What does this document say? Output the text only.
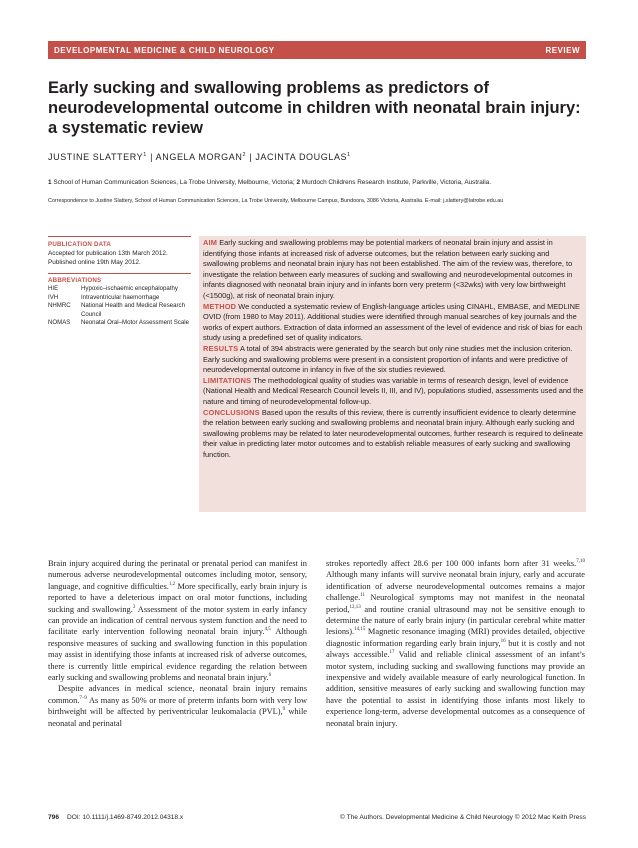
DEVELOPMENTAL MEDICINE & CHILD NEUROLOGY	REVIEW
Early sucking and swallowing problems as predictors of neurodevelopmental outcome in children with neonatal brain injury: a systematic review
JUSTINE SLATTERY$^1$ | ANGELA MORGAN$^2$ | JACINTA DOUGLAS$^1$
1 School of Human Communication Sciences, La Trobe University, Melbourne, Victoria; 2 Murdoch Childrens Research Institute, Parkville, Victoria, Australia.
Correspondence to Justine Slattery, School of Human Communication Sciences, La Trobe University, Melbourne Campus, Bundoora, 3086 Victoria, Australia. E-mail: j.slattery@latrobe.edu.au
PUBLICATION DATA
Accepted for publication 13th March 2012.
Published online 19th May 2012.
ABBREVIATIONS
HIE	Hypoxic–ischaemic encephalopathy
IVH	Intraventricular haemorrhage
NHMRC	National Health and Medical Research Council
NOMAS	Neonatal Oral–Motor Assessment Scale

AIM Early sucking and swallowing problems may be potential markers of neonatal brain injury and assist in identifying those infants at increased risk of adverse outcomes, but the relation between early sucking and swallowing problems and neonatal brain injury has not been established. The aim of the review was, therefore, to investigate the relation between early measures of sucking and swallowing and neurodevelopmental outcomes in infants diagnosed with neonatal brain injury and in infants born very preterm (<32wks) with very low birthweight (<1500g), at risk of neonatal brain injury.

METHOD We conducted a systematic review of English-language articles using CINAHL, EMBASE, and MEDLINE OVID (from 1980 to May 2011). Additional studies were identified through manual searches of key journals and the works of expert authors. Extraction of data informed an assessment of the level of evidence and risk of bias for each study using a predefined set of quality indicators.

RESULTS A total of 394 abstracts were generated by the search but only nine studies met the inclusion criterion. Early sucking and swallowing problems were present in a consistent proportion of infants and were predictive of neurodevelopmental outcome in infancy in five of the six studies reviewed.

LIMITATIONS The methodological quality of studies was variable in terms of research design, level of evidence (National Health and Medical Research Council levels II, III, and IV), populations studied, assessments used and the nature and timing of neurodevelopmental follow-up.

CONCLUSIONS Based upon the results of this review, there is currently insufficient evidence to clearly determine the relation between early sucking and swallowing problems and neonatal brain injury. Although early sucking and swallowing problems may be related to later neurodevelopmental outcomes, further research is required to delineate their value in predicting later motor outcomes and to establish reliable measures of early sucking and swallowing function.

Brain injury acquired during the perinatal or prenatal period can manifest in numerous adverse neurodevelopmental outcomes including motor, sensory, language, and cognitive difficulties.$^{1,2}$ More specifically, early brain injury is reported to have a deleterious impact on oral motor functions, including sucking and swallowing.$^3$ Assessment of the motor system in early infancy can provide an indication of central nervous system function and the need to facilitate early intervention following neonatal brain injury.$^{4,5}$ Although responsive measures of sucking and swallowing function in this population may assist in identifying those infants at increased risk of adverse outcomes, there is currently little empirical evidence regarding the relation between early sucking and swallowing problems and neonatal brain injury.$^6$

Despite advances in medical science, neonatal brain injury remains common.$^{7-9}$ As many as 50% or more of preterm infants born with very low birthweight will be affected by periventricular leukomalacia (PVL),$^9$ while neonatal and perinatal

strokes reportedly affect 28.6 per 100 000 infants born after 31 weeks.$^{7,10}$ Although many infants will survive neonatal brain injury, early and accurate identification of adverse neurodevelopmental outcomes remains a major challenge.$^{11}$ Neurological symptoms may not manifest in the neonatal period,$^{12,13}$ and routine cranial ultrasound may not be sensitive enough to determine the nature of early brain injury (in particular cerebral white matter lesions).$^{14,15}$ Magnetic resonance imaging (MRI) provides detailed, objective diagnostic information regarding early brain injury,$^{16}$ but it is costly and not always accessible.$^{17}$ Valid and reliable clinical assessment of an infant’s motor system, including sucking and swallowing functions may provide an inexpensive and widely available measure of early neurological function. In addition, sensitive measures of early sucking and swallowing function may have the potential to assist in identifying those infants most likely to experience long-term, adverse developmental outcomes as a consequence of neonatal brain injury.

796 DOI: 10.1111/j.1469-8749.2012.04318.x	© The Authors. Developmental Medicine & Child Neurology © 2012 Mac Keith Press
